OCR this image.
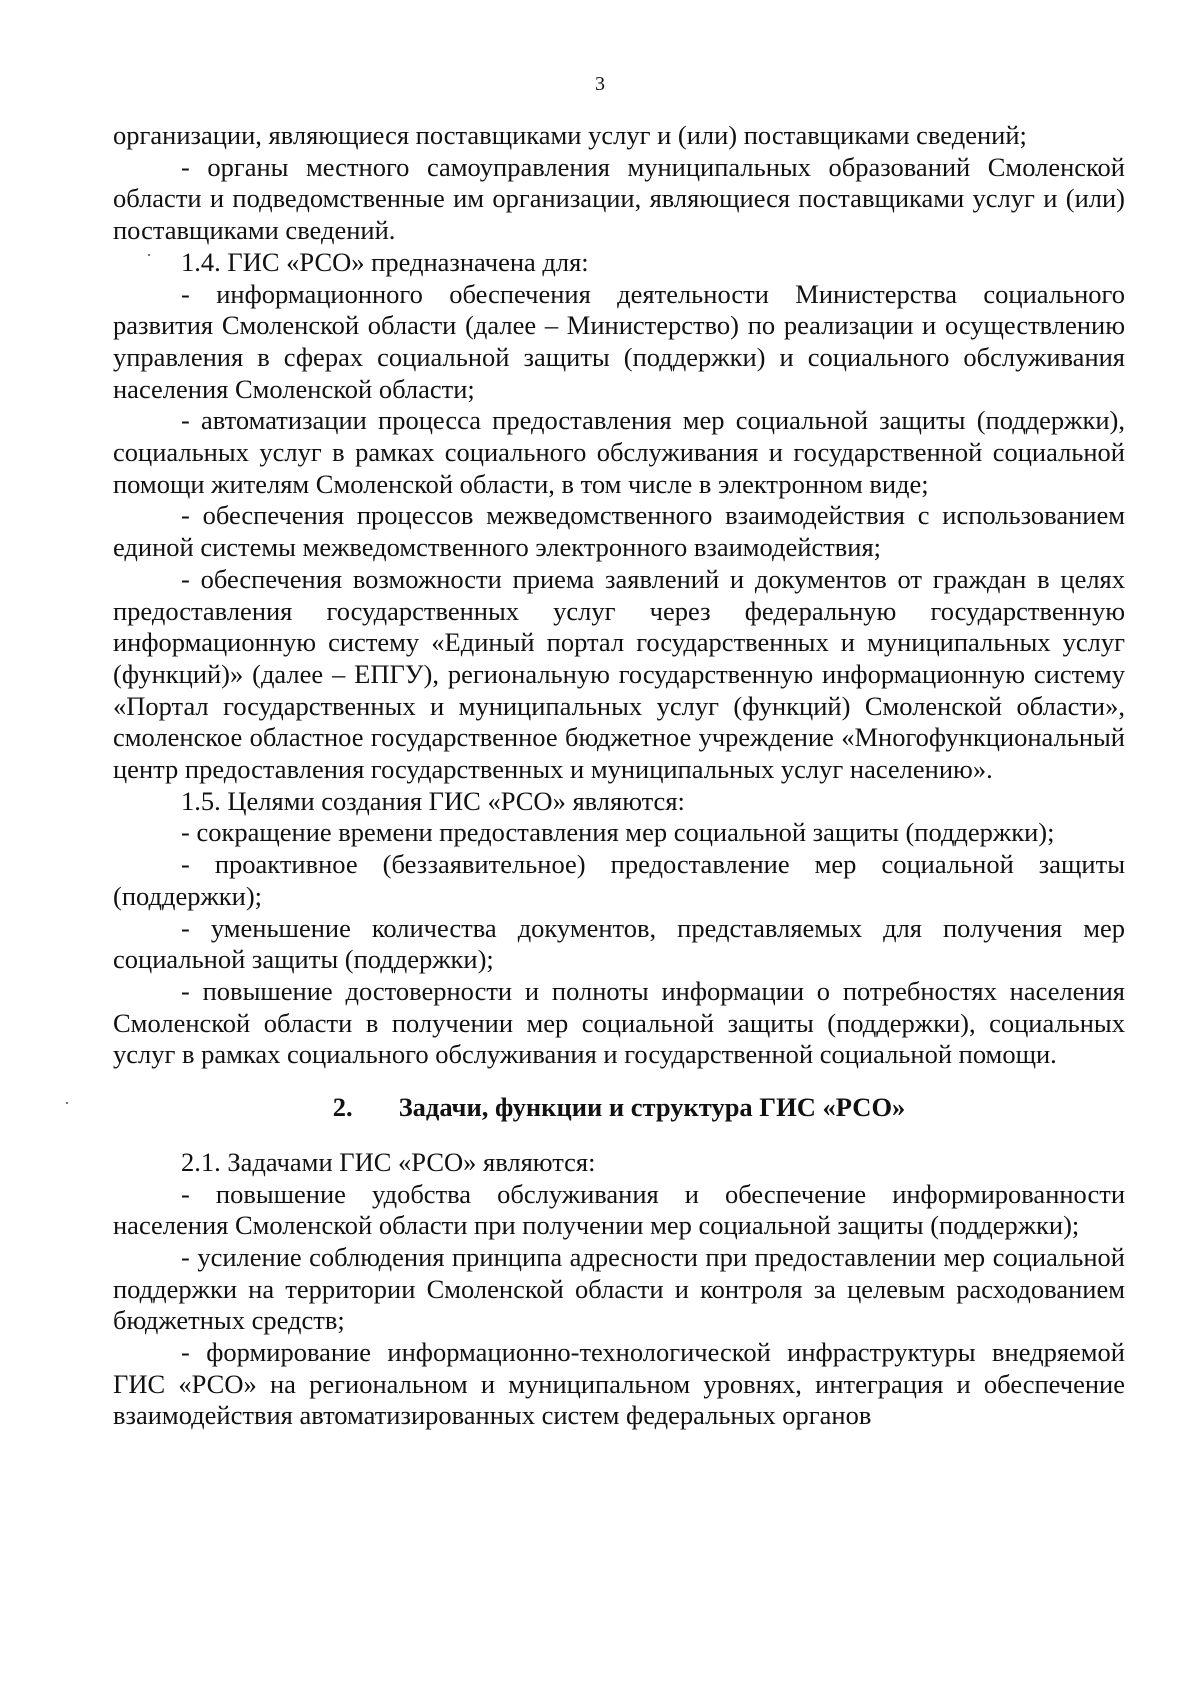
3

организации, являющиеся поставщиками услуг и (или) поставщиками сведений;

- органы местного самоуправления муниципальных образований Смоленской области и подведомственные им организации, являющиеся поставщиками услуг и (или) поставщиками сведений.

1.4. ГИС «РСО» предназначена для:

- информационного обеспечения деятельности Министерства социального развития Смоленской области (далее – Министерство) по реализации и осуществлению управления в сферах социальной защиты (поддержки) и социального обслуживания населения Смоленской области;

- автоматизации процесса предоставления мер социальной защиты (поддержки), социальных услуг в рамках социального обслуживания и государственной социальной помощи жителям Смоленской области, в том числе в электронном виде;

- обеспечения процессов межведомственного взаимодействия с использованием единой системы межведомственного электронного взаимодействия;

- обеспечения возможности приема заявлений и документов от граждан в целях предоставления государственных услуг через федеральную государственную информационную систему «Единый портал государственных и муниципальных услуг (функций)» (далее – ЕПГУ), региональную государственную информационную систему «Портал государственных и муниципальных услуг (функций) Смоленской области», смоленское областное государственное бюджетное учреждение «Многофункциональный центр предоставления государственных и муниципальных услуг населению».

1.5. Целями создания ГИС «РСО» являются:

- сокращение времени предоставления мер социальной защиты (поддержки);

- проактивное (беззаявительное) предоставление мер социальной защиты (поддержки);

- уменьшение количества документов, представляемых для получения мер социальной защиты (поддержки);

- повышение достоверности и полноты информации о потребностях населения Смоленской области в получении мер социальной защиты (поддержки), социальных услуг в рамках социального обслуживания и государственной социальной помощи.

2. Задачи, функции и структура ГИС «РСО»

2.1. Задачами ГИС «РСО» являются:

- повышение удобства обслуживания и обеспечение информированности населения Смоленской области при получении мер социальной защиты (поддержки);

- усиление соблюдения принципа адресности при предоставлении мер социальной поддержки на территории Смоленской области и контроля за целевым расходованием бюджетных средств;

- формирование информационно-технологической инфраструктуры внедряемой ГИС «РСО» на региональном и муниципальном уровнях, интеграция и обеспечение взаимодействия автоматизированных систем федеральных органов
